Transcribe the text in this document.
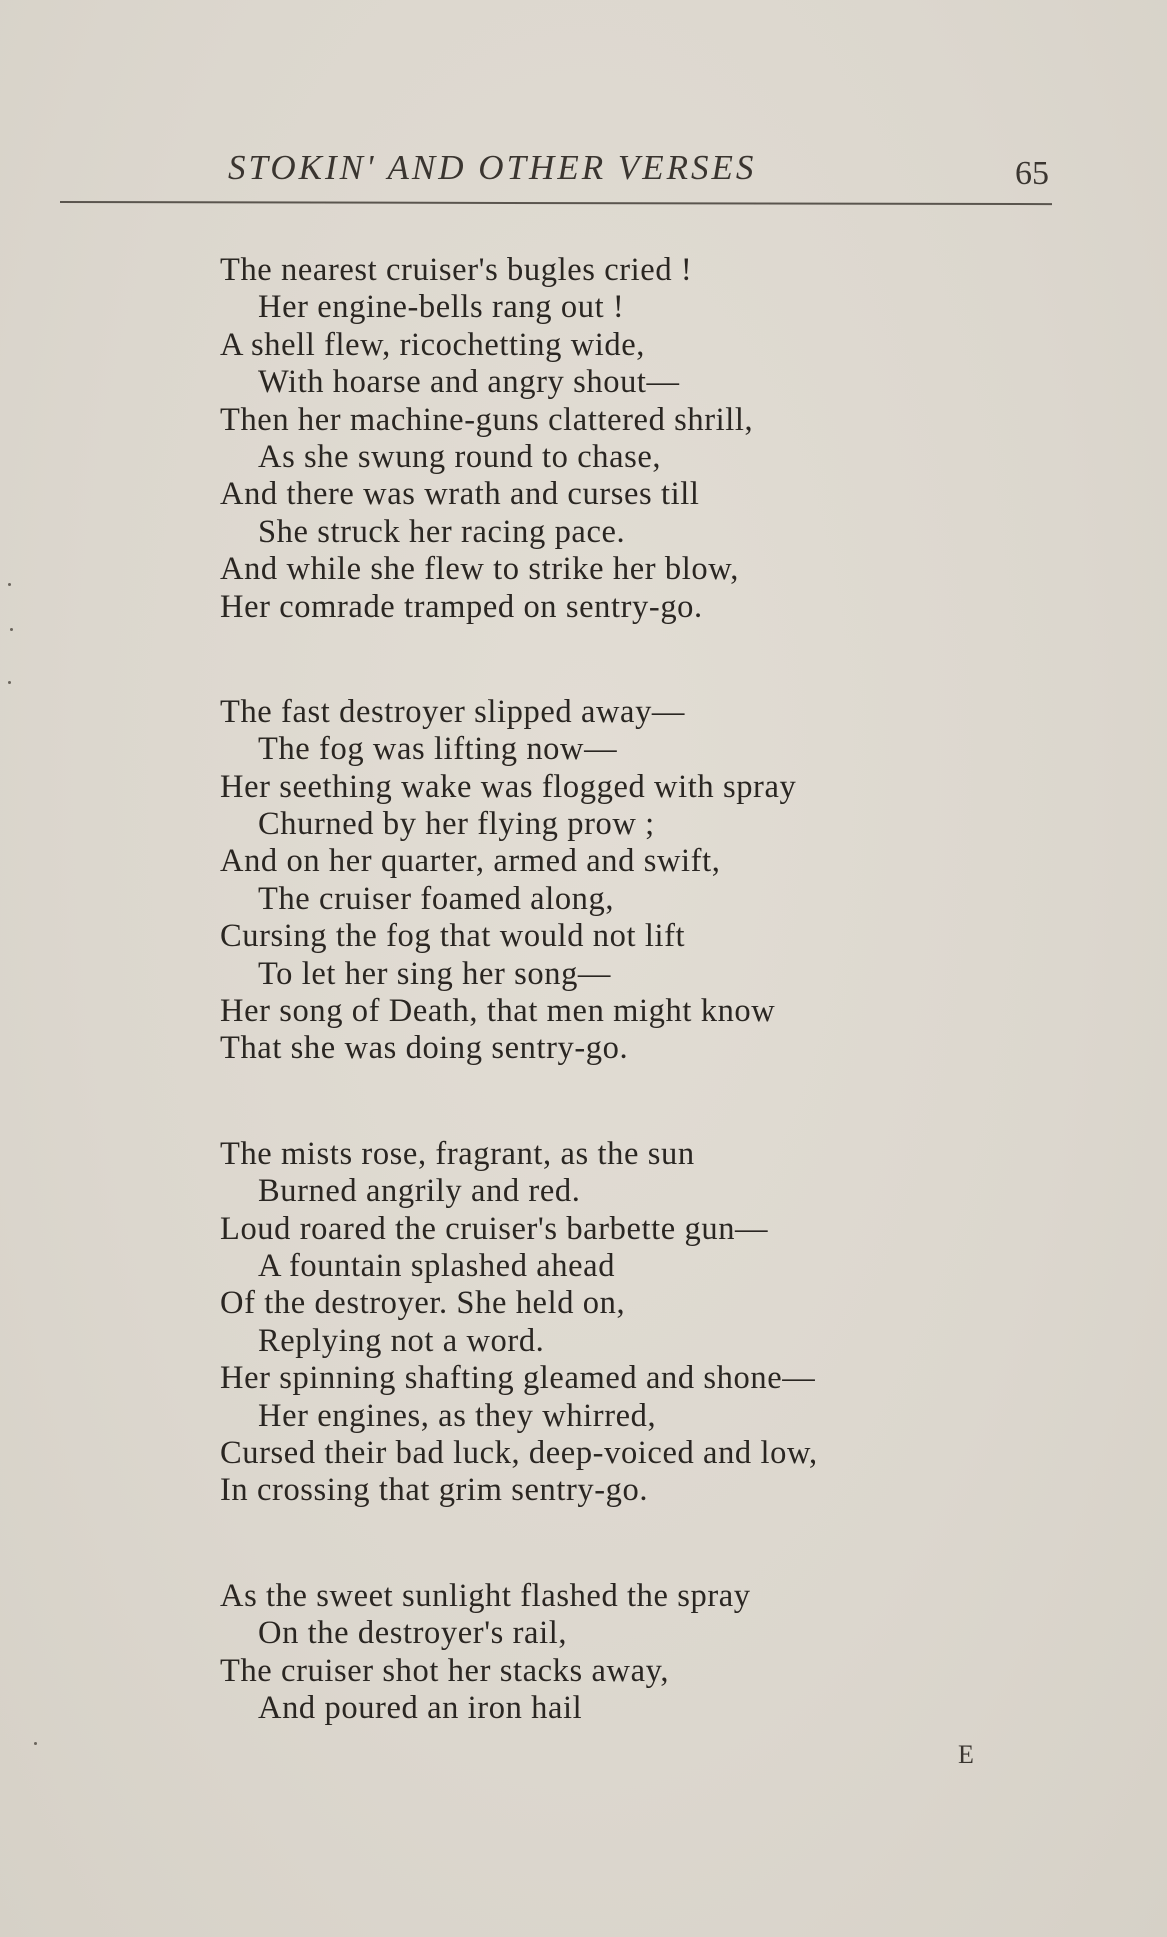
STOKIN' AND OTHER VERSES	65
The nearest cruiser's bugles cried !
Her engine-bells rang out !
A shell flew, ricochetting wide,
With hoarse and angry shout—
Then her machine-guns clattered shrill,
As she swung round to chase,
And there was wrath and curses till
She struck her racing pace.
And while she flew to strike her blow,
Her comrade tramped on sentry-go.
The fast destroyer slipped away—
The fog was lifting now—
Her seething wake was flogged with spray
Churned by her flying prow ;
And on her quarter, armed and swift,
The cruiser foamed along,
Cursing the fog that would not lift
To let her sing her song—
Her song of Death, that men might know
That she was doing sentry-go.
The mists rose, fragrant, as the sun
Burned angrily and red.
Loud roared the cruiser's barbette gun—
A fountain splashed ahead
Of the destroyer. She held on,
Replying not a word.
Her spinning shafting gleamed and shone—
Her engines, as they whirred,
Cursed their bad luck, deep-voiced and low,
In crossing that grim sentry-go.
As the sweet sunlight flashed the spray
On the destroyer's rail,
The cruiser shot her stacks away,
And poured an iron hail
E
